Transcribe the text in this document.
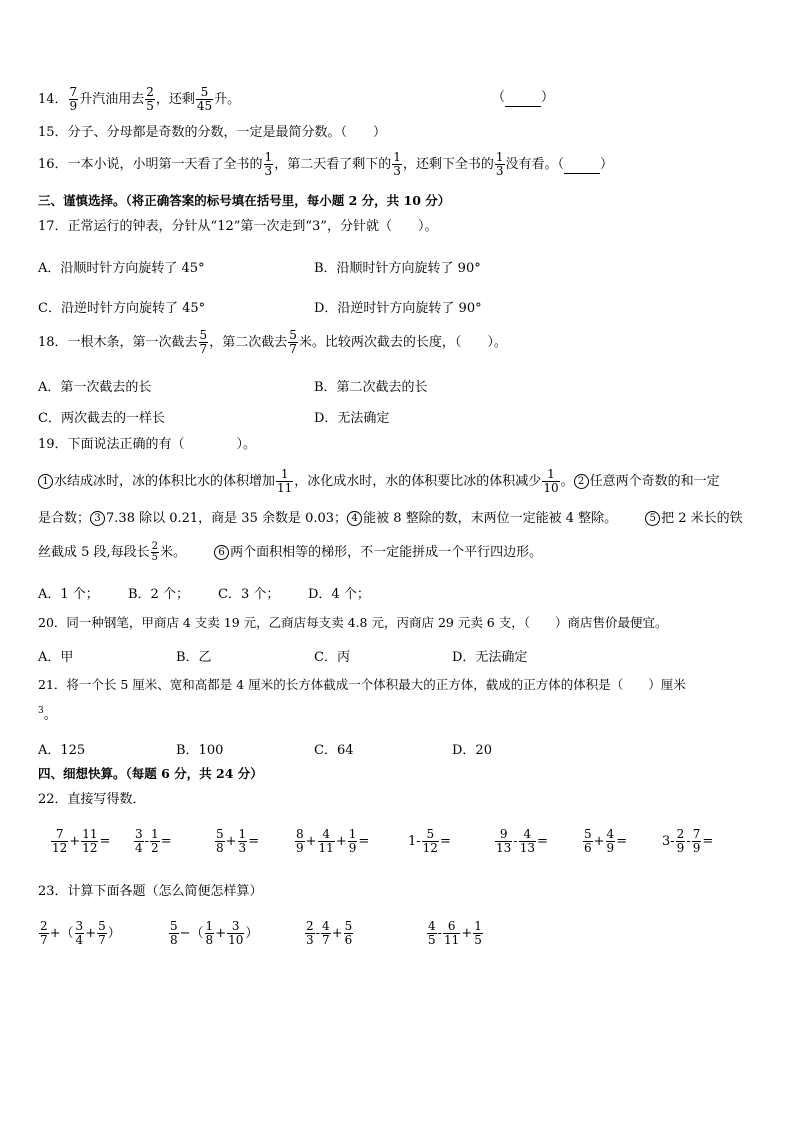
14． $\frac{7}{9}$ 升汽油用去 $\frac{2}{5}$ ，还剩 $\frac{5}{45}$ 升。	（	）
15．分子、分母都是奇数的分数，一定是最简分数。（　　）
16．一本小说，小明第一天看了全书的 $\frac{1}{3}$ ，第二天看了剩下的 $\frac{1}{3}$ ，还剩下全书的 $\frac{1}{3}$ 没有看。（	）
三、谨慎选择。（将正确答案的标号填在括号里，每小题 2 分，共 10 分）
17．正常运行的钟表，分针从“12”第一次走到“3”，分针就（　　）。
A．沿顺时针方向旋转了 45°	B．沿顺时针方向旋转了 90°
C．沿逆时针方向旋转了 45°	D．沿逆时针方向旋转了 90°
18．一根木条，第一次截去 $\frac{5}{7}$ ，第二次截去 $\frac{5}{7}$ 米。比较两次截去的长度，（　　）。
A．第一次截去的长	B．第二次截去的长
C．两次截去的一样长	D．无法确定
19．下面说法正确的有（　　　　）。
1 水结成冰时，冰的体积比水的体积增加 $\frac{1}{11}$ ，冰化成水时，水的体积要比冰的体积减少 $\frac{1}{10}$ 。 2 任意两个奇数的和一定
是合数； 3 7.38 除以 0.21，商是 35 余数是 0.03； 4 能被 8 整除的数，末两位一定能被 4 整除。	5 把 2 米长的铁
丝截成 5 段,每段长 $\frac{2}{5}$ 米。	6 两个面积相等的梯形，不一定能拼成一个平行四边形。
A．1 个； B．2 个； C．3 个； D．4 个；
20．同一种钢笔，甲商店 4 支卖 19 元，乙商店每支卖 4.8 元，丙商店 29 元卖 6 支，（　　）商店售价最便宜。
A．甲	B．乙	C．丙	D．无法确定
21．将一个长 5 厘米、宽和高都是 4 厘米的长方体截成一个体积最大的正方体，截成的正方体的体积是（　　）厘米
$^3$。
A．125	B．100	C．64	D．20
四、细想快算。（每题 6 分，共 24 分）
22．直接写得数．
$\frac{7}{12} + \frac{11}{12} = \frac{3}{4} - \frac{1}{2}$ =	$\frac{5}{8} + \frac{1}{3}$ =	$\frac{8}{9} + \frac{4}{11} + \frac{1}{9}$ =	$1- \frac{5}{12}$ =	$\frac{9}{13} - \frac{4}{13}$ =	$\frac{5}{6} + \frac{4}{9}$ =	$3- \frac{2}{9} - \frac{7}{9}$ =
23．计算下面各题（怎么简便怎样算）
$\frac{2}{7}$ +（ $\frac{3}{4} + \frac{5}{7}$ ）	$\frac{5}{8}$ −（ $\frac{1}{8} + \frac{3}{10}$ ）	$\frac{2}{3} - \frac{4}{7} + \frac{5}{6}$	$\frac{4}{5} - \frac{6}{11} + \frac{1}{5}$
